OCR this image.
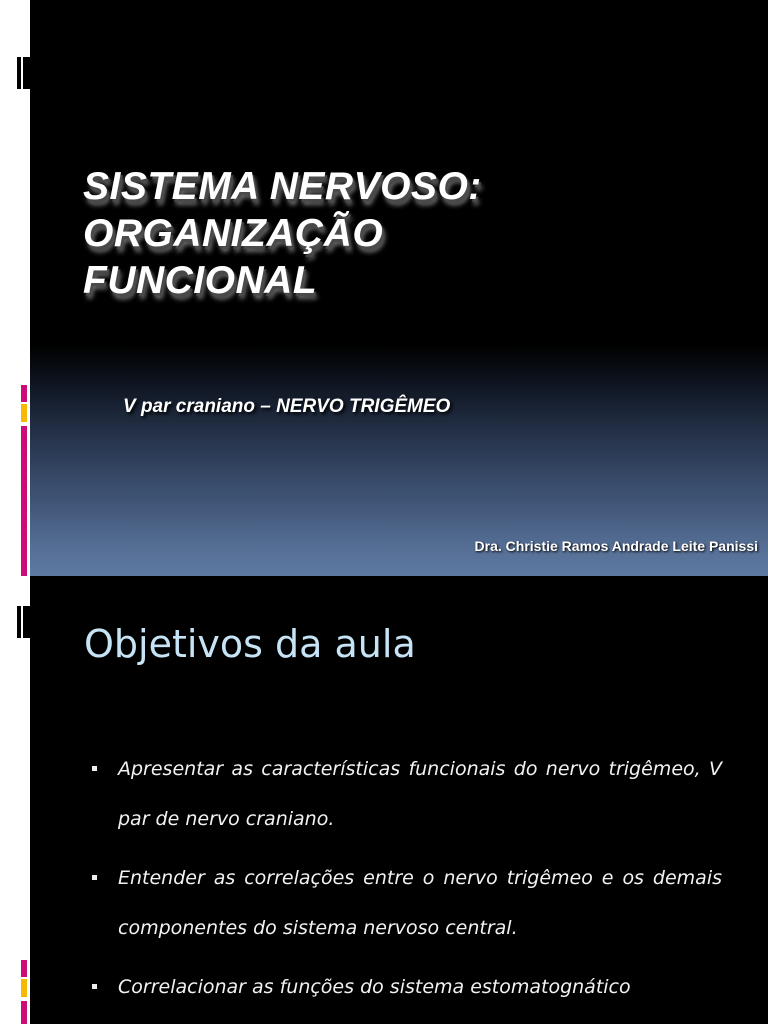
SISTEMA NERVOSO:
ORGANIZAÇÃO
FUNCIONAL

V par craniano – NERVO TRIGÊMEO

Dra. Christie Ramos Andrade Leite Panissi

Objetivos da aula
Apresentar as características funcionais do nervo trigêmeo, V par de nervo craniano.
Entender as correlações entre o nervo trigêmeo e os demais componentes do sistema nervoso central.
Correlacionar as funções do sistema estomatognático
